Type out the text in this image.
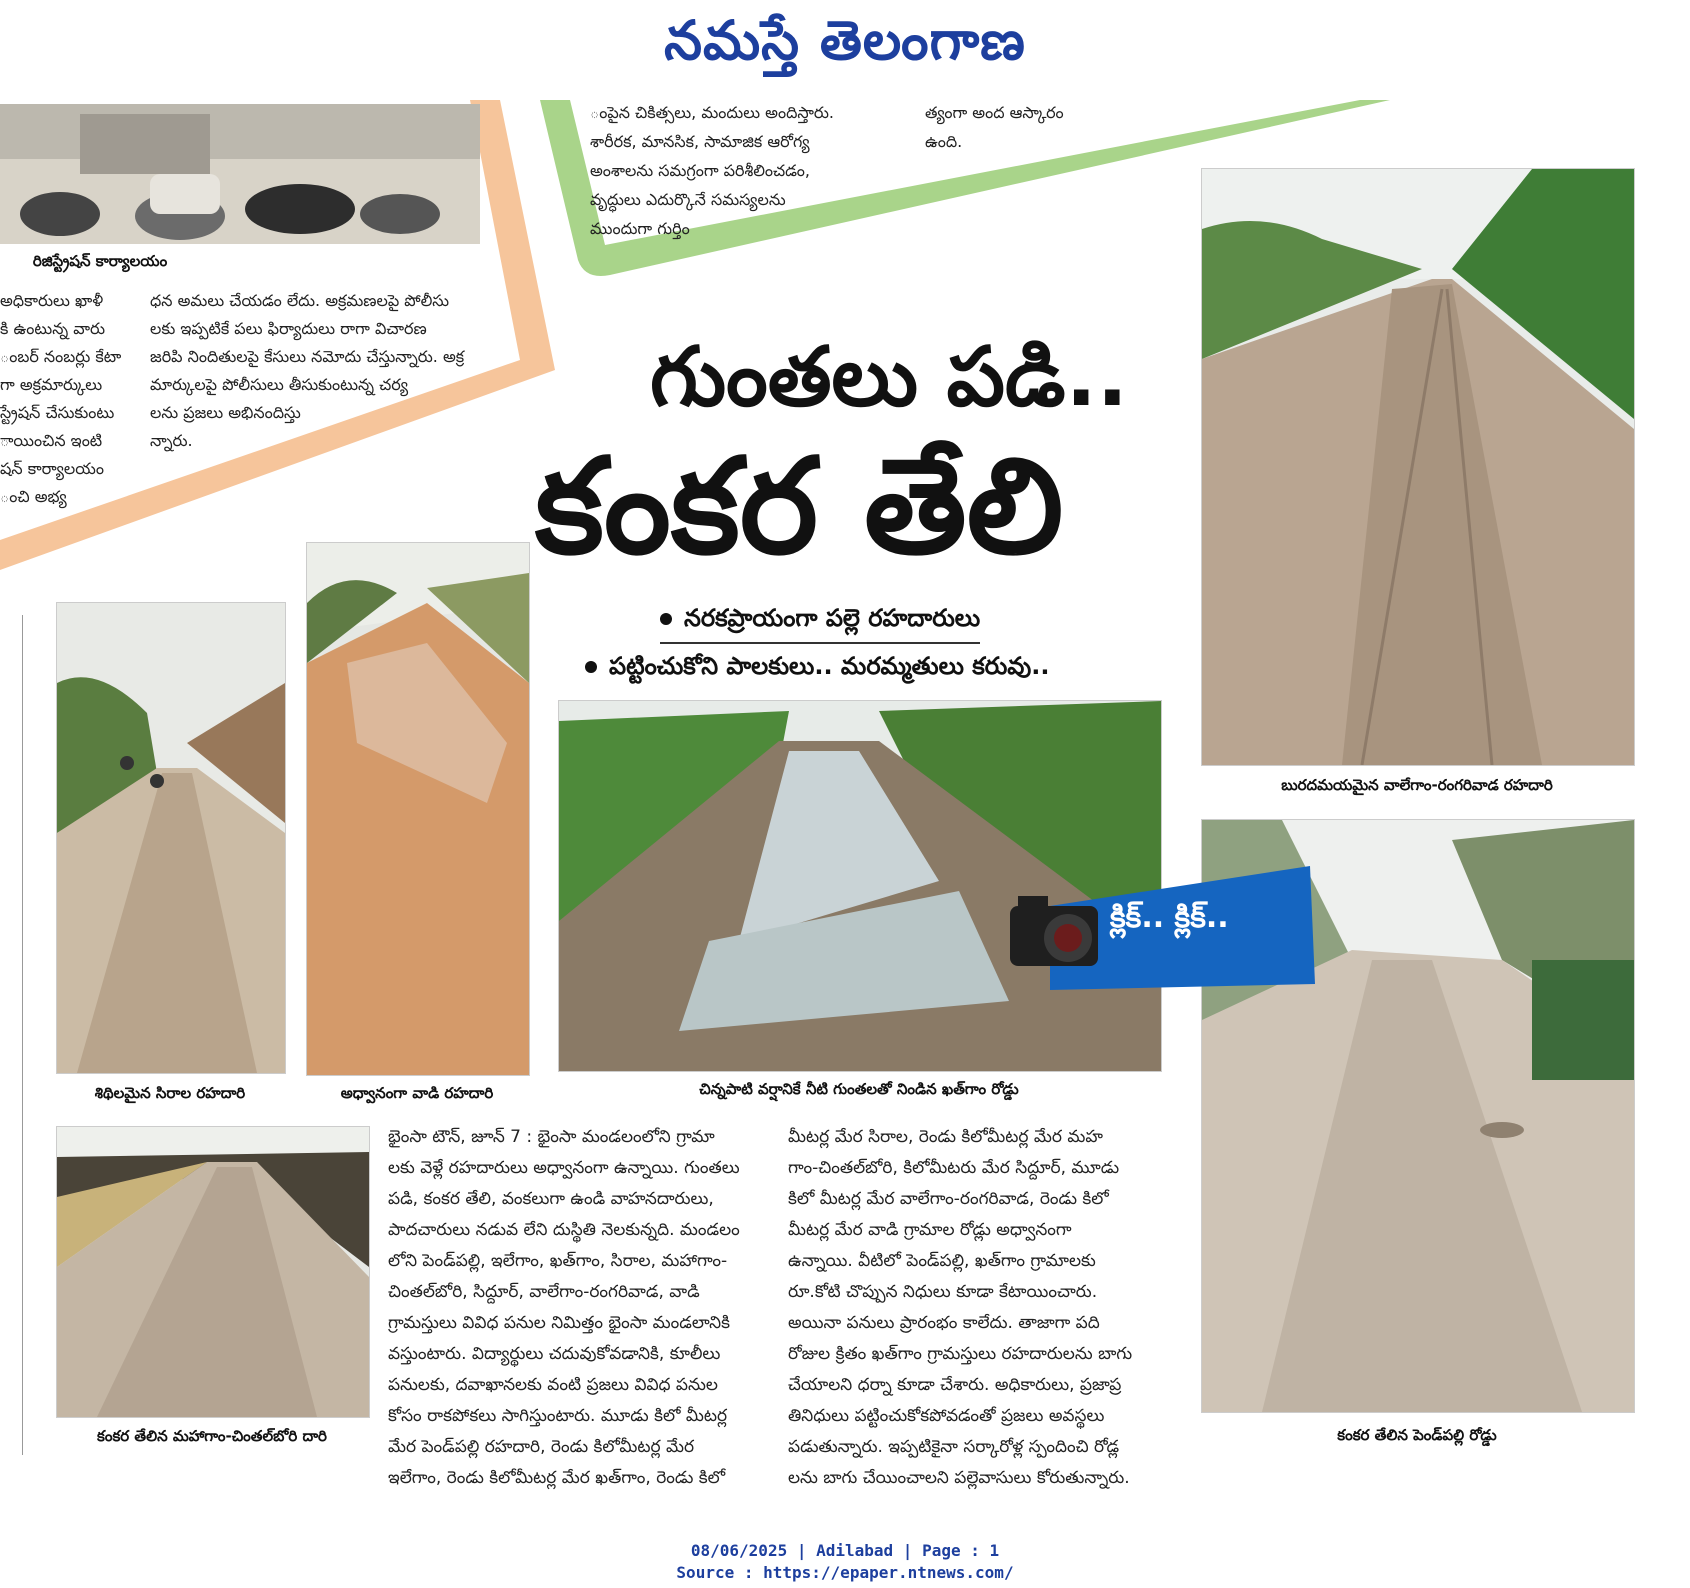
నమస్తే తెలంగాణ
రిజిస్ట్రేషన్ కార్యాలయం
అధికారులు ఖాళీ
కి ఉంటున్న వారు
ంబర్ నంబర్లు కేటా
గా అక్రమార్కులు
స్ట్రేషన్ చేసుకుంటు
ాయించిన ఇంటి
షన్ కార్యాలయం
ంచి అభ్య
ధన అమలు చేయడం లేదు. అక్రమణలపై పోలీసు
లకు ఇప్పటికే పలు ఫిర్యాదులు రాగా విచారణ
జరిపి నిందితులపై కేసులు నమోదు చేస్తున్నారు. అక్ర
మార్కులపై పోలీసులు తీసుకుంటున్న చర్య
లను ప్రజలు అభినందిస్తు
న్నారు.
ంపైన చికిత్సలు, మందులు అందిస్తారు.
శారీరక, మానసిక, సామాజిక ఆరోగ్య
అంశాలను సమగ్రంగా పరిశీలించడం,
వృద్ధులు ఎదుర్కొనే సమస్యలను
ముందుగా గుర్తిం
త్యంగా అంద ఆస్కారం
ఉంది.
గుంతలు పడి..
కంకర తేలి
నరకప్రాయంగా పల్లె రహదారులు
పట్టించుకోని పాలకులు.. మరమ్మతులు కరువు..
బురదమయమైన వాలేగాం-రంగరివాడ రహదారి
కంకర తేలిన పెండ్‌పల్లి రోడ్డు
శిథిలమైన సిరాల రహదారి	అధ్వానంగా వాడి రహదారి	చిన్నపాటి వర్షానికే నీటి గుంతలతో నిండిన ఖత్‌గాం రోడ్డు
క్లిక్.. క్లిక్..
కంకర తేలిన మహాగాం-చింతల్‌బోరి దారి
భైంసా టౌన్, జూన్ 7 : భైంసా మండలంలోని గ్రామా
లకు వెళ్లే రహదారులు అధ్వానంగా ఉన్నాయి. గుంతలు
పడి, కంకర తేలి, వంకలుగా ఉండి వాహనదారులు,
పాదచారులు నడువ లేని దుస్థితి నెలకున్నది. మండలం
లోని పెండ్‌పల్లి, ఇలేగాం, ఖత్‌గాం, సిరాల, మహాగాం-
చింతల్‌బోరి, సిద్దూర్, వాలేగాం-రంగరివాడ, వాడి
గ్రామస్తులు వివిధ పనుల నిమిత్తం భైంసా మండలానికి
వస్తుంటారు. విద్యార్థులు చదువుకోవడానికి, కూలీలు
పనులకు, దవాఖానలకు వంటి ప్రజలు వివిధ పనుల
కోసం రాకపోకలు సాగిస్తుంటారు. మూడు కిలో మీటర్ల
మేర పెండ్‌పల్లి రహదారి, రెండు కిలోమీటర్ల మేర
ఇలేగాం, రెండు కిలోమీటర్ల మేర ఖత్‌గాం, రెండు కిలో
మీటర్ల మేర సిరాల, రెండు కిలోమీటర్ల మేర మహ
గాం-చింతల్‌బోరి, కిలోమీటరు మేర సిద్దూర్, మూడు
కిలో మీటర్ల మేర వాలేగాం-రంగరివాడ, రెండు కిలో
మీటర్ల మేర వాడి గ్రామాల రోడ్లు అధ్వానంగా
ఉన్నాయి. వీటిలో పెండ్‌పల్లి, ఖత్‌గాం గ్రామాలకు
రూ.కోటి చొప్పున నిధులు కూడా కేటాయించారు.
అయినా పనులు ప్రారంభం కాలేదు. తాజాగా పది
రోజుల క్రితం ఖత్‌గాం గ్రామస్తులు రహదారులను బాగు
చేయాలని ధర్నా కూడా చేశారు. అధికారులు, ప్రజాప్ర
తినిధులు పట్టించుకోకపోవడంతో ప్రజలు అవస్థలు
పడుతున్నారు. ఇప్పటికైనా సర్కారోళ్ల స్పందించి రోడ్ల
లను బాగు చేయించాలని పల్లెవాసులు కోరుతున్నారు.
08/06/2025 | Adilabad | Page : 1
Source : https://epaper.ntnews.com/
